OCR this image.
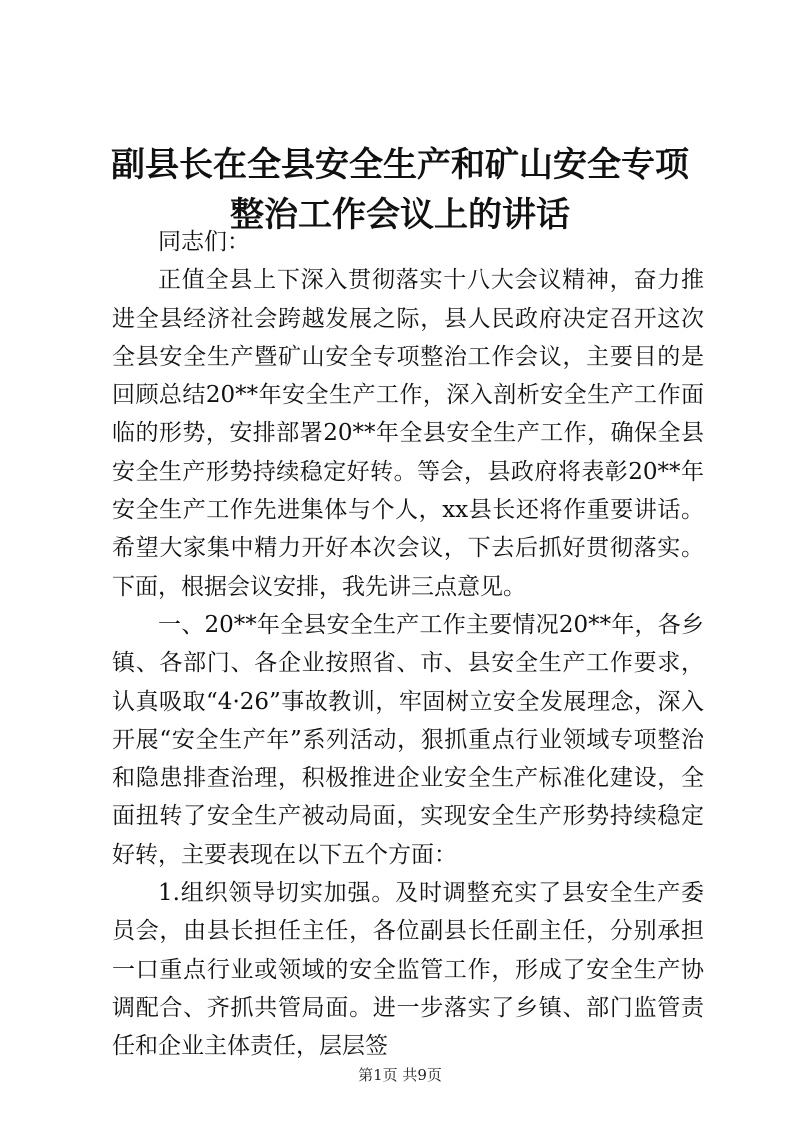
副县长在全县安全生产和矿山安全专项整治工作会议上的讲话

同志们：

正值全县上下深入贯彻落实十八大会议精神，奋力推进全县经济社会跨越发展之际，县人民政府决定召开这次全县安全生产暨矿山安全专项整治工作会议，主要目的是回顾总结20**年安全生产工作，深入剖析安全生产工作面临的形势，安排部署20**年全县安全生产工作，确保全县安全生产形势持续稳定好转。等会，县政府将表彰20**年安全生产工作先进集体与个人，xx县长还将作重要讲话。希望大家集中精力开好本次会议，下去后抓好贯彻落实。下面，根据会议安排，我先讲三点意见。

一、20**年全县安全生产工作主要情况20**年，各乡镇、各部门、各企业按照省、市、县安全生产工作要求，认真吸取“4·26”事故教训，牢固树立安全发展理念，深入开展“安全生产年”系列活动，狠抓重点行业领域专项整治和隐患排查治理，积极推进企业安全生产标准化建设，全面扭转了安全生产被动局面，实现安全生产形势持续稳定好转，主要表现在以下五个方面：

1.组织领导切实加强。及时调整充实了县安全生产委员会，由县长担任主任，各位副县长任副主任，分别承担一口重点行业或领域的安全监管工作，形成了安全生产协调配合、齐抓共管局面。进一步落实了乡镇、部门监管责任和企业主体责任，层层签

第1页 共9页
